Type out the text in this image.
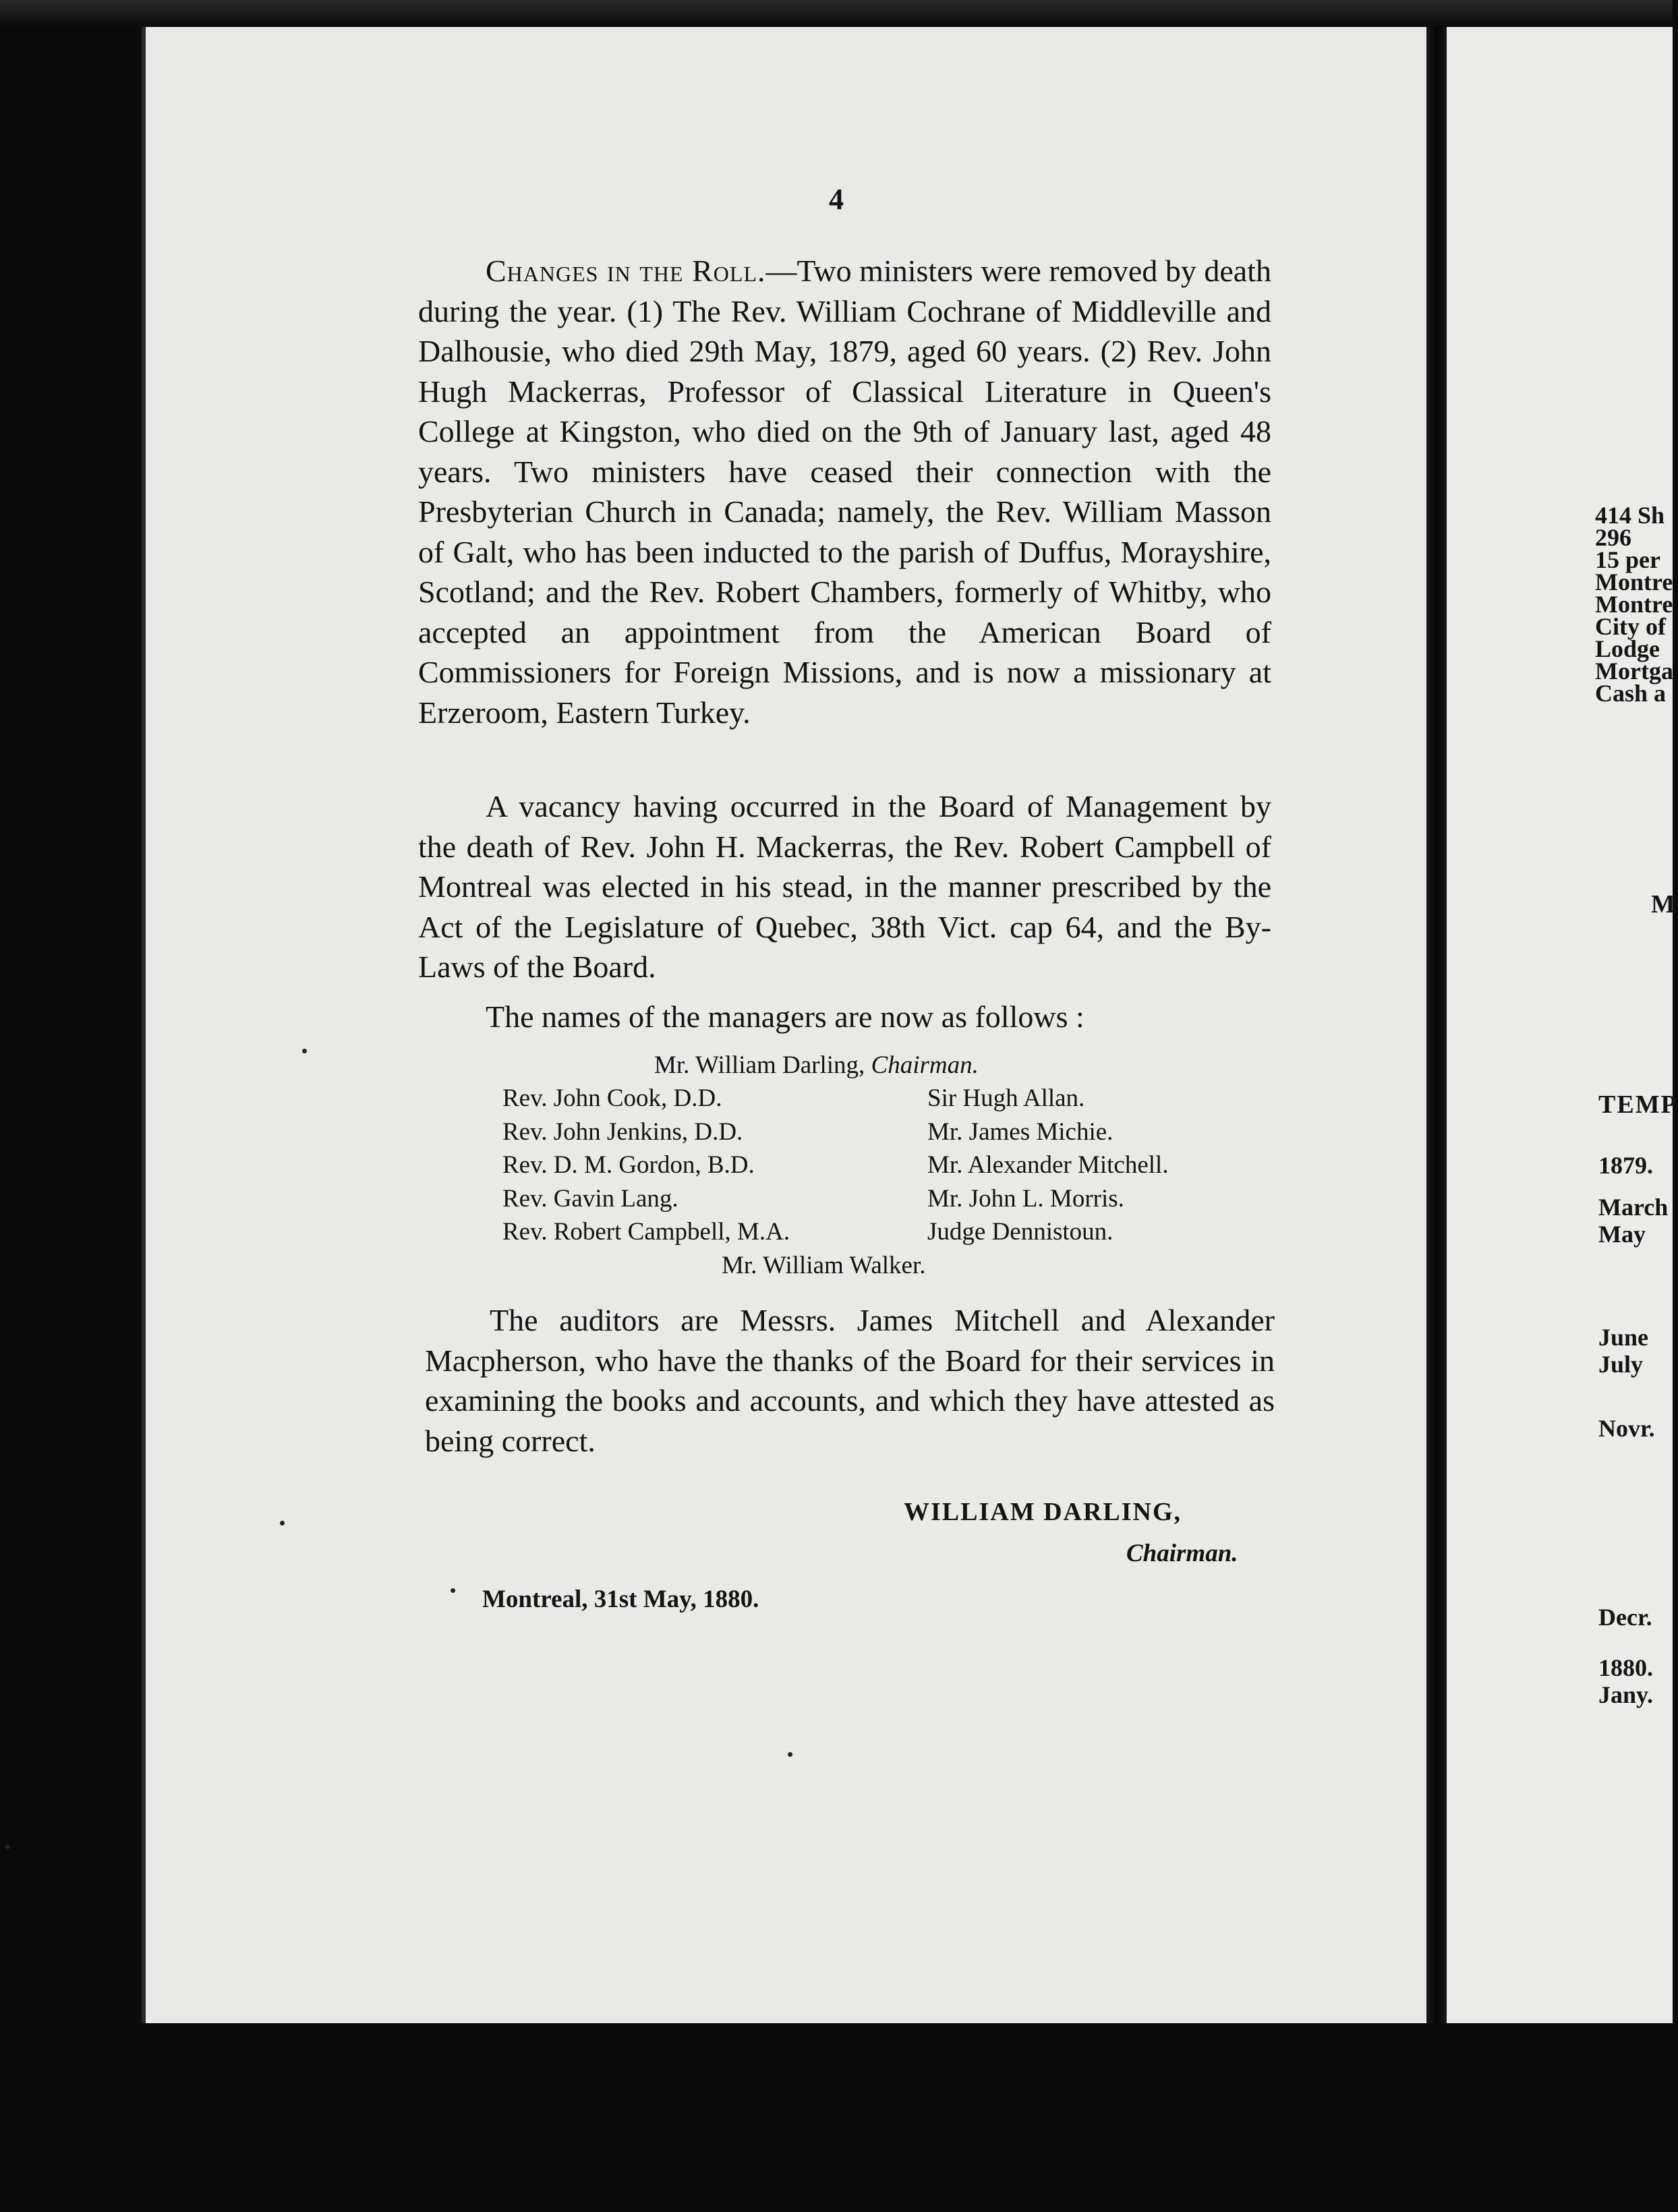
4

Changes in the Roll.—Two ministers were removed by death during the year. (1) The Rev. William Cochrane of Middleville and Dalhousie, who died 29th May, 1879, aged 60 years. (2) Rev. John Hugh Mackerras, Professor of Classical Literature in Queen's College at Kingston, who died on the 9th of January last, aged 48 years. Two ministers have ceased their connection with the Presbyterian Church in Canada; namely, the Rev. William Masson of Galt, who has been inducted to the parish of Duffus, Morayshire, Scotland; and the Rev. Robert Chambers, formerly of Whitby, who accepted an appointment from the American Board of Commissioners for Foreign Missions, and is now a missionary at Erzeroom, Eastern Turkey.

A vacancy having occurred in the Board of Management by the death of Rev. John H. Mackerras, the Rev. Robert Campbell of Montreal was elected in his stead, in the manner prescribed by the Act of the Legislature of Quebec, 38th Vict. cap 64, and the By-Laws of the Board.

The names of the managers are now as follows :

Mr. William Darling, Chairman.
Rev. John Cook, D.D.
Rev. John Jenkins, D.D.
Rev. D. M. Gordon, B.D.
Rev. Gavin Lang.
Rev. Robert Campbell, M.A.
Sir Hugh Allan.
Mr. James Michie.
Mr. Alexander Mitchell.
Mr. John L. Morris.
Judge Dennistoun.
Mr. William Walker.

The auditors are Messrs. James Mitchell and Alexander Macpherson, who have the thanks of the Board for their services in examining the books and accounts, and which they have attested as being correct.

WILLIAM DARLING,
Chairman.
Montreal, 31st May, 1880.
414 Sh
296
15 per
Montre
Montre
City of
Lodge
Mortga
Cash a
M
TEMP
1879.
March
May
June
July
Novr.
Decr.
1880.
Jany.
